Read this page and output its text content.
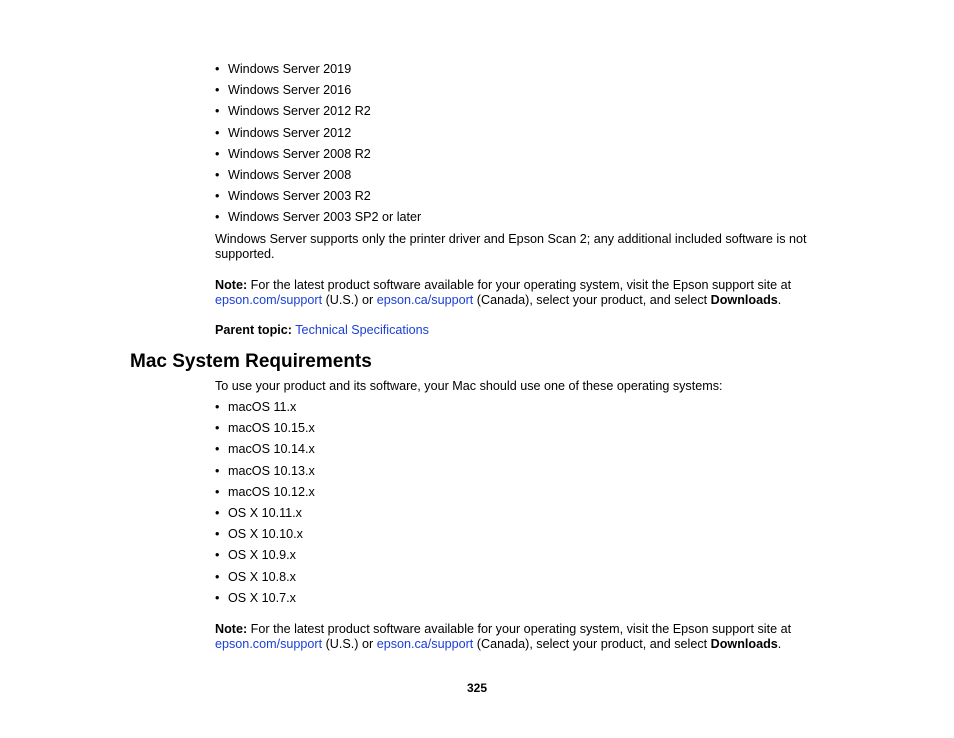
• Windows Server 2019
• Windows Server 2016
• Windows Server 2012 R2
• Windows Server 2012
• Windows Server 2008 R2
• Windows Server 2008
• Windows Server 2003 R2
• Windows Server 2003 SP2 or later
Windows Server supports only the printer driver and Epson Scan 2; any additional included software is not supported.
Note: For the latest product software available for your operating system, visit the Epson support site at epson.com/support (U.S.) or epson.ca/support (Canada), select your product, and select Downloads.
Parent topic: Technical Specifications
Mac System Requirements
To use your product and its software, your Mac should use one of these operating systems:
• macOS 11.x
• macOS 10.15.x
• macOS 10.14.x
• macOS 10.13.x
• macOS 10.12.x
• OS X 10.11.x
• OS X 10.10.x
• OS X 10.9.x
• OS X 10.8.x
• OS X 10.7.x
Note: For the latest product software available for your operating system, visit the Epson support site at epson.com/support (U.S.) or epson.ca/support (Canada), select your product, and select Downloads.
325
